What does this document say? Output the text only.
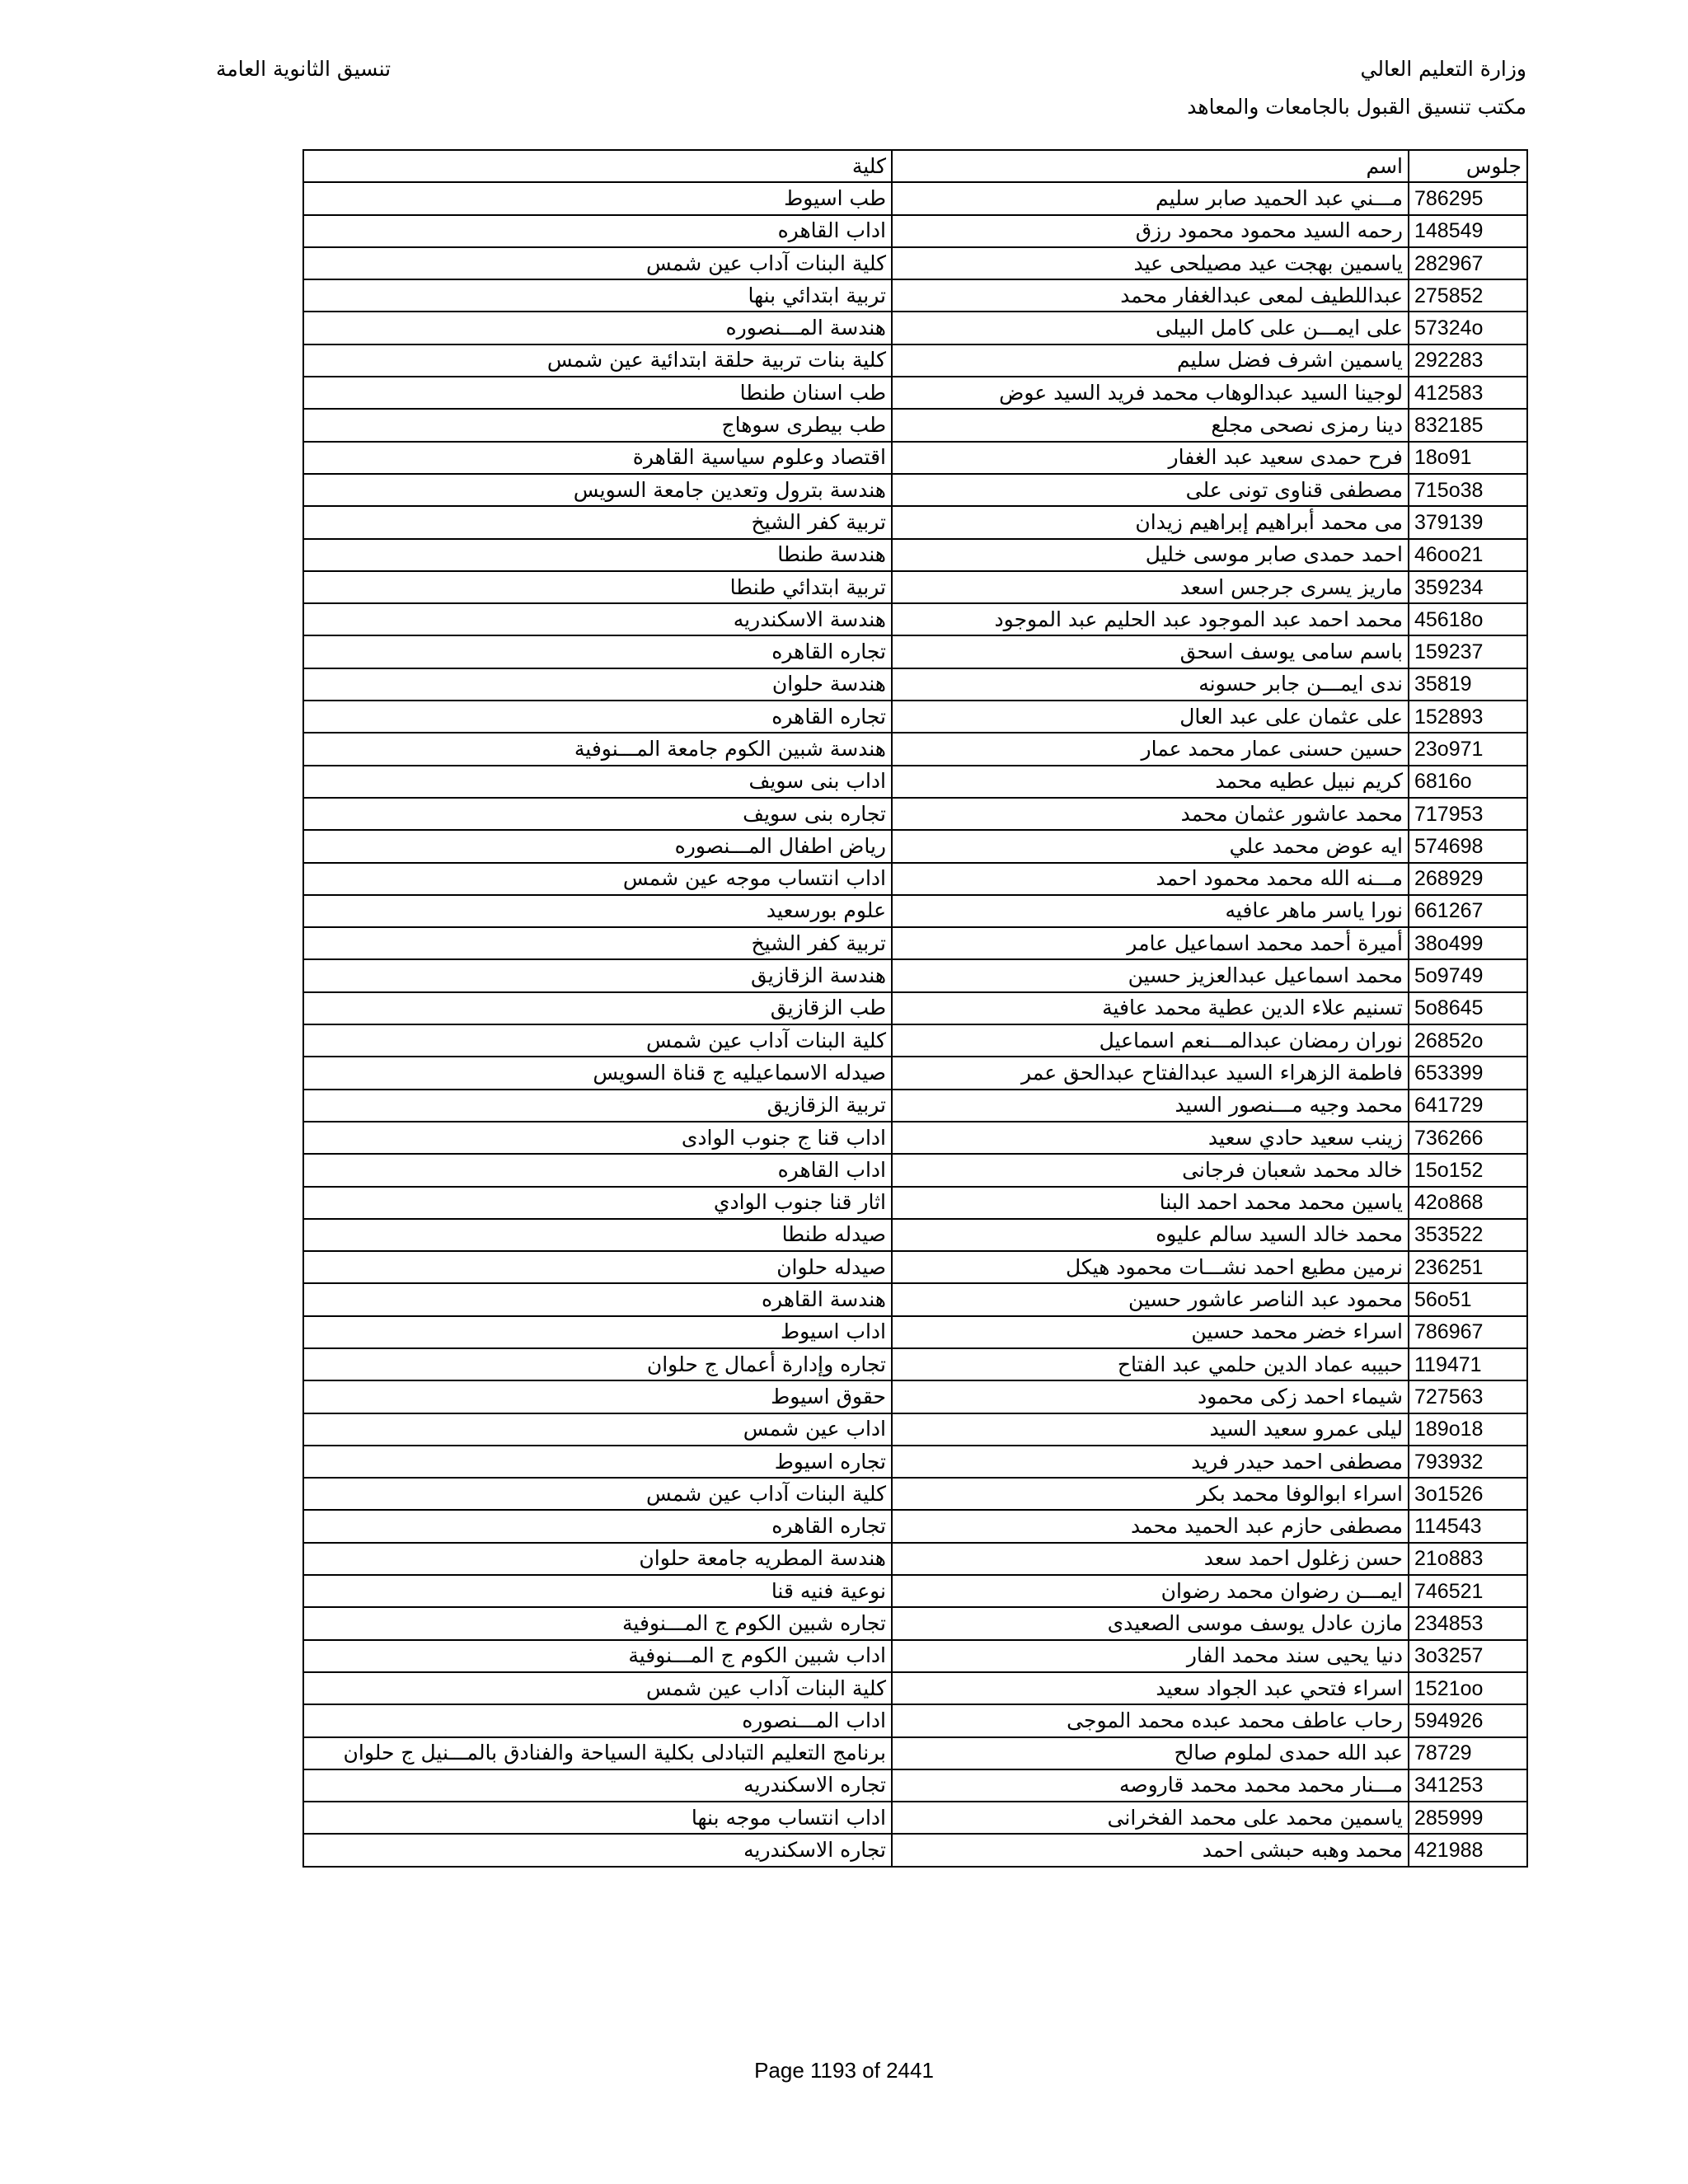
وزارة التعليم العالي
مكتب تنسيق القبول بالجامعات والمعاهد
تنسيق الثانوية العامة
جلوس	اسم	كلية
786295	مـــني عبد الحميد صابر سليم	طب اسيوط
148549	رحمه السيد محمود محمود رزق	اداب القاهره
282967	ياسمين بهجت عيد مصيلحى عيد	كلية البنات آداب عين شمس
275852	عبداللطيف لمعى عبدالغفار محمد	تربية ابتدائي بنها
57324o	على ايمـــن على كامل البيلى	هندسة المـــنصوره
292283	ياسمين اشرف فضل سليم	كلية بنات تربية حلقة ابتدائية عين شمس
412583	لوجينا السيد عبدالوهاب محمد فريد السيد عوض	طب اسنان طنطا
832185	دينا رمزى نصحى مجلع	طب بيطرى سوهاج
18o91	فرح حمدى سعيد عبد الغفار	اقتصاد وعلوم سياسية القاهرة
715o38	مصطفى قناوى تونى على	هندسة بترول وتعدين جامعة السويس
379139	مى محمد أبراهيم إبراهيم زيدان	تربية كفر الشيخ
46oo21	احمد حمدى صابر موسى خليل	هندسة طنطا
359234	ماريز يسرى جرجس اسعد	تربية ابتدائي طنطا
45618o	محمد احمد عبد الموجود عبد الحليم عبد الموجود	هندسة الاسكندريه
159237	باسم سامى يوسف اسحق	تجاره القاهره
35819	ندى ايمـــن جابر حسونه	هندسة حلوان
152893	على عثمان على عبد العال	تجاره القاهره
23o971	حسين حسنى عمار محمد عمار	هندسة شبين الكوم جامعة المـــنوفية
6816o	كريم نبيل عطيه محمد	اداب بنى سويف
717953	محمد عاشور عثمان محمد	تجاره بنى سويف
574698	ايه عوض محمد علي	رياض اطفال المـــنصوره
268929	مـــنه الله محمد محمود احمد	اداب انتساب موجه عين شمس
661267	نورا ياسر ماهر عافيه	علوم بورسعيد
38o499	أميرة أحمد محمد اسماعيل عامر	تربية كفر الشيخ
5o9749	محمد اسماعيل عبدالعزيز حسين	هندسة الزقازيق
5o8645	تسنيم علاء الدين عطية محمد عافية	طب الزقازيق
26852o	نوران رمضان عبدالمـــنعم اسماعيل	كلية البنات آداب عين شمس
653399	فاطمة الزهراء السيد عبدالفتاح عبدالحق عمر	صيدله الاسماعيليه ج قناة السويس
641729	محمد وجيه مـــنصور السيد	تربية الزقازيق
736266	زينب سعيد حادي سعيد	اداب قنا ج جنوب الوادى
15o152	خالد محمد شعبان فرجانى	اداب القاهره
42o868	ياسين محمد محمد احمد البنا	اثار قنا جنوب الوادي
353522	محمد خالد السيد سالم عليوه	صيدله طنطا
236251	نرمين مطيع احمد نشـــات محمود هيكل	صيدله حلوان
56o51	محمود عبد الناصر عاشور حسين	هندسة القاهره
786967	اسراء خضر محمد حسين	اداب اسيوط
119471	حبيبه عماد الدين حلمي عبد الفتاح	تجاره وإدارة أعمال ج حلوان
727563	شيماء احمد زكى محمود	حقوق اسيوط
189o18	ليلى عمرو سعيد السيد	اداب عين شمس
793932	مصطفى احمد حيدر فريد	تجاره اسيوط
3o1526	اسراء ابوالوفا محمد بكر	كلية البنات آداب عين شمس
114543	مصطفى حازم عبد الحميد محمد	تجاره القاهره
21o883	حسن زغلول احمد سعد	هندسة المطريه جامعة حلوان
746521	ايمـــن رضوان محمد رضوان	نوعية فنيه قنا
234853	مازن عادل يوسف موسى الصعيدى	تجاره شبين الكوم ج المـــنوفية
3o3257	دنيا يحيى سند محمد الفار	اداب شبين الكوم ج المـــنوفية
1521oo	اسراء فتحي عبد الجواد سعيد	كلية البنات آداب عين شمس
594926	رحاب عاطف محمد عبده محمد الموجى	اداب المـــنصوره
78729	عبد الله حمدى لملوم صالح	برنامج التعليم التبادلى بكلية السياحة والفنادق بالمـــنيل ج حلوان
341253	مـــنار محمد محمد محمد قاروصه	تجاره الاسكندريه
285999	ياسمين محمد على محمد الفخرانى	اداب انتساب موجه بنها
421988	محمد وهبه حبشى احمد	تجاره الاسكندريه
Page 1193 of 2441
